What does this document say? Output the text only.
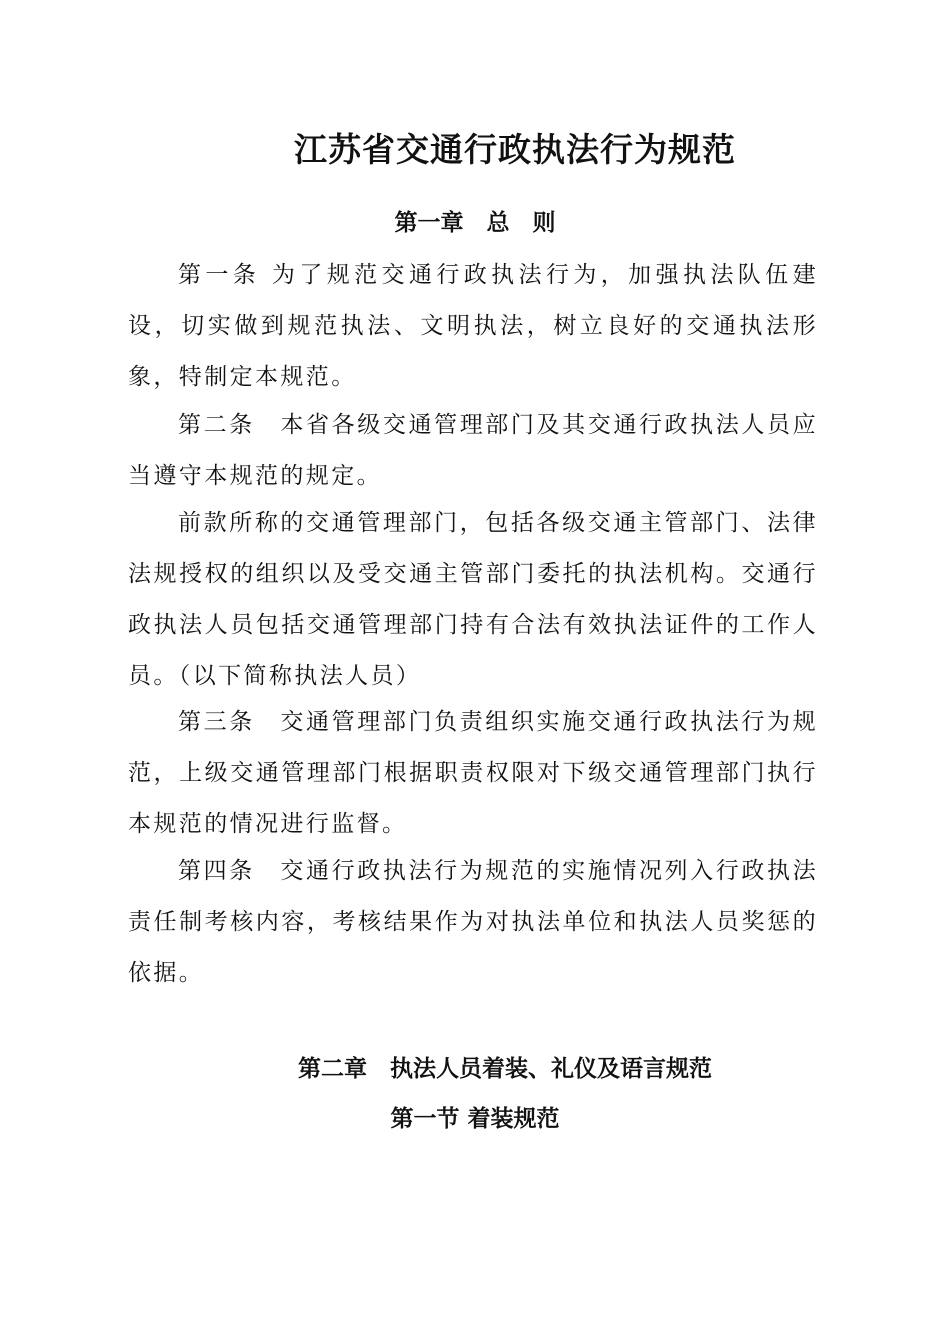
江苏省交通行政执法行为规范
第一章　总　则
第一条 为了规范交通行政执法行为，加强执法队伍建设，切实做到规范执法、文明执法，树立良好的交通执法形象，特制定本规范。
第二条　本省各级交通管理部门及其交通行政执法人员应当遵守本规范的规定。
前款所称的交通管理部门，包括各级交通主管部门、法律法规授权的组织以及受交通主管部门委托的执法机构。交通行政执法人员包括交通管理部门持有合法有效执法证件的工作人员。（以下简称执法人员）
第三条　交通管理部门负责组织实施交通行政执法行为规范，上级交通管理部门根据职责权限对下级交通管理部门执行本规范的情况进行监督。
第四条　交通行政执法行为规范的实施情况列入行政执法责任制考核内容，考核结果作为对执法单位和执法人员奖惩的依据。
第二章　执法人员着装、礼仪及语言规范
第一节 着装规范
